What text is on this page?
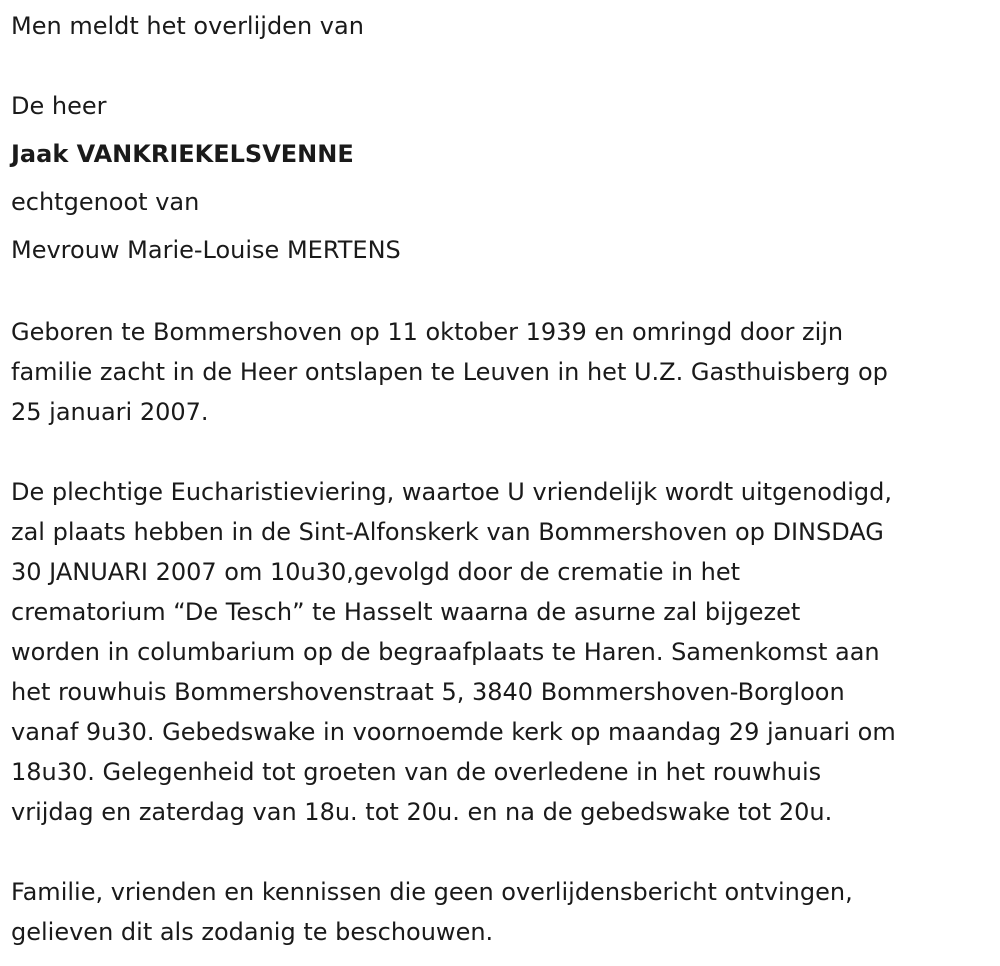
Men meldt het overlijden van

De heer

Jaak VANKRIEKELSVENNE

echtgenoot van

Mevrouw Marie-Louise MERTENS

Geboren te Bommershoven op 11 oktober 1939 en omringd door zijn
familie zacht in de Heer ontslapen te Leuven in het U.Z. Gasthuisberg op
25 januari 2007.

De plechtige Eucharistieviering, waartoe U vriendelijk wordt uitgenodigd,
zal plaats hebben in de Sint-Alfonskerk van Bommershoven op DINSDAG
30 JANUARI 2007 om 10u30,gevolgd door de crematie in het
crematorium “De Tesch” te Hasselt waarna de asurne zal bijgezet
worden in columbarium op de begraafplaats te Haren. Samenkomst aan
het rouwhuis Bommershovenstraat 5, 3840 Bommershoven-Borgloon
vanaf 9u30. Gebedswake in voornoemde kerk op maandag 29 januari om
18u30. Gelegenheid tot groeten van de overledene in het rouwhuis
vrijdag en zaterdag van 18u. tot 20u. en na de gebedswake tot 20u.

Familie, vrienden en kennissen die geen overlijdensbericht ontvingen,
gelieven dit als zodanig te beschouwen.
